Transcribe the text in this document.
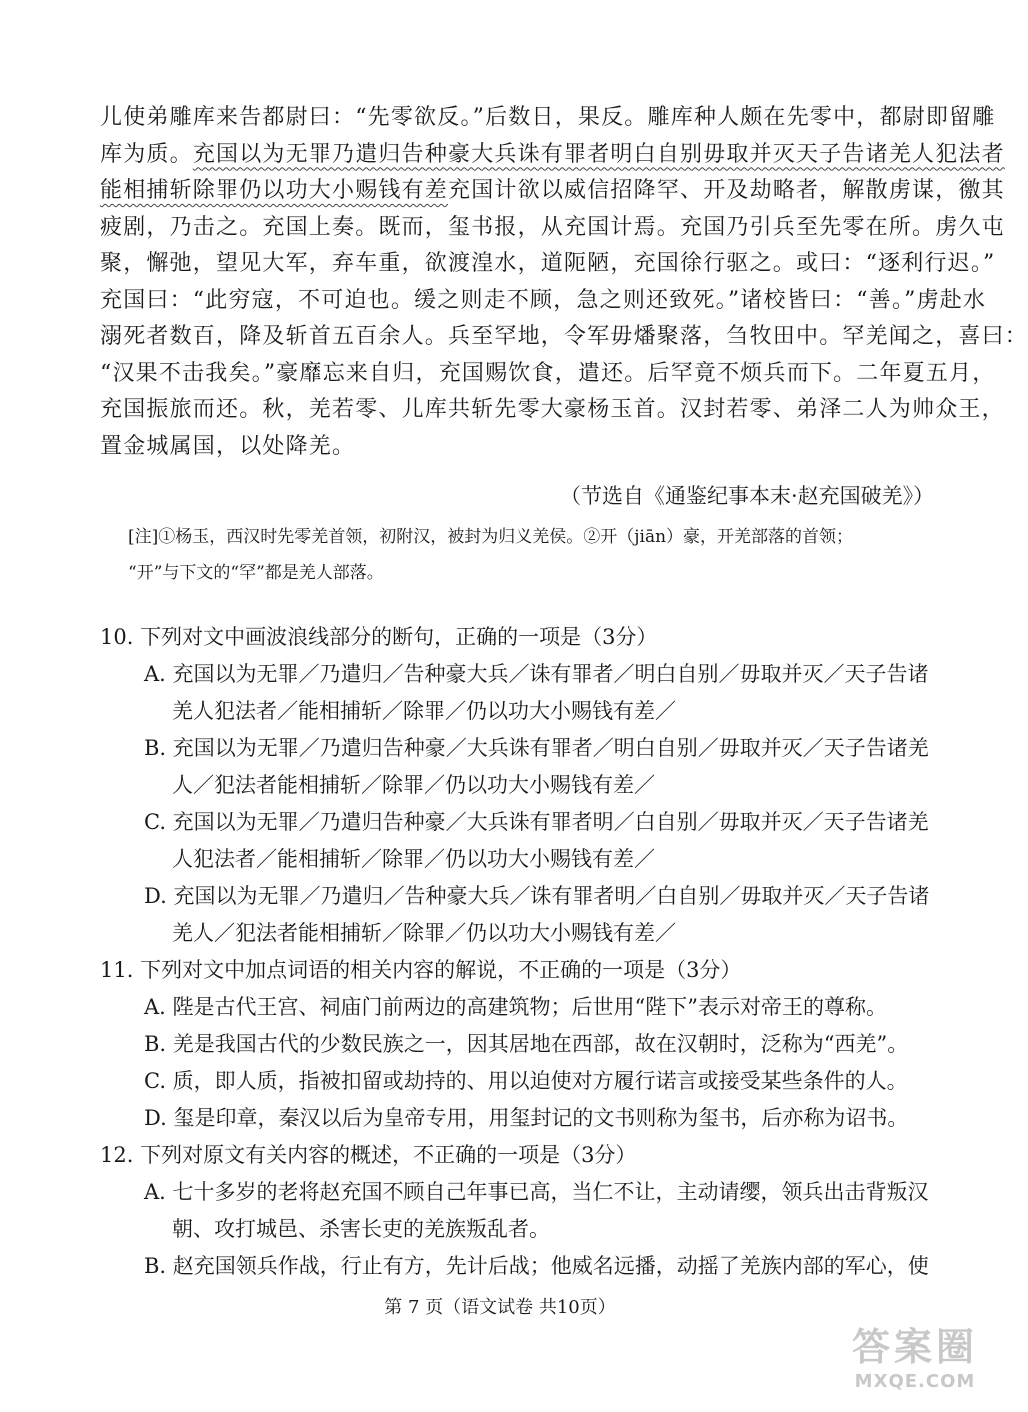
儿使弟雕库来告都尉曰：“先零欲反。”后数日，果反。雕库种人颇在先零中，都尉即留雕
库为质。充国以为无罪乃遣归告种豪大兵诛有罪者明白自别毋取并灭天子告诸羌人犯法者
能相捕斩除罪仍以功大小赐钱有差充国计欲以威信招降罕、开及劫略者，解散虏谋，徼其
疲剧，乃击之。充国上奏。既而，玺书报，从充国计焉。充国乃引兵至先零在所。虏久屯
聚，懈弛，望见大军，弃车重，欲渡湟水，道阨陋，充国徐行驱之。或曰：“逐利行迟。”
充国曰：“此穷寇，不可迫也。缓之则走不顾，急之则还致死。”诸校皆曰：“善。”虏赴水
溺死者数百，降及斩首五百余人。兵至罕地，令军毋燔聚落，刍牧田中。罕羌闻之，喜曰：
“汉果不击我矣。”豪靡忘来自归，充国赐饮食，遣还。后罕竟不烦兵而下。二年夏五月，
充国振旅而还。秋，羌若零、儿库共斩先零大豪杨玉首。汉封若零、弟泽二人为帅众王，
置金城属国，以处降羌。
（节选自《通鉴纪事本末·赵充国破羌》）
[注]①杨玉，西汉时先零羌首领，初附汉，被封为归义羌侯。②开（jiān）豪，开羌部落的首领；
“开”与下文的“罕”都是羌人部落。
10. 下列对文中画波浪线部分的断句，正确的一项是（3分）
A. 充国以为无罪／乃遣归／告种豪大兵／诛有罪者／明白自别／毋取并灭／天子告诸
羌人犯法者／能相捕斩／除罪／仍以功大小赐钱有差／
B. 充国以为无罪／乃遣归告种豪／大兵诛有罪者／明白自别／毋取并灭／天子告诸羌
人／犯法者能相捕斩／除罪／仍以功大小赐钱有差／
C. 充国以为无罪／乃遣归告种豪／大兵诛有罪者明／白自别／毋取并灭／天子告诸羌
人犯法者／能相捕斩／除罪／仍以功大小赐钱有差／
D. 充国以为无罪／乃遣归／告种豪大兵／诛有罪者明／白自别／毋取并灭／天子告诸
羌人／犯法者能相捕斩／除罪／仍以功大小赐钱有差／
11. 下列对文中加点词语的相关内容的解说，不正确的一项是（3分）
A. 陛是古代王宫、祠庙门前两边的高建筑物；后世用“陛下”表示对帝王的尊称。
B. 羌是我国古代的少数民族之一，因其居地在西部，故在汉朝时，泛称为“西羌”。
C. 质，即人质，指被扣留或劫持的、用以迫使对方履行诺言或接受某些条件的人。
D. 玺是印章，秦汉以后为皇帝专用，用玺封记的文书则称为玺书，后亦称为诏书。
12. 下列对原文有关内容的概述，不正确的一项是（3分）
A. 七十多岁的老将赵充国不顾自己年事已高，当仁不让，主动请缨，领兵出击背叛汉
朝、攻打城邑、杀害长吏的羌族叛乱者。
B. 赵充国领兵作战，行止有方，先计后战；他威名远播，动摇了羌族内部的军心，使
第 7 页（语文试卷 共10页）
答案圈
MXQE.COM
